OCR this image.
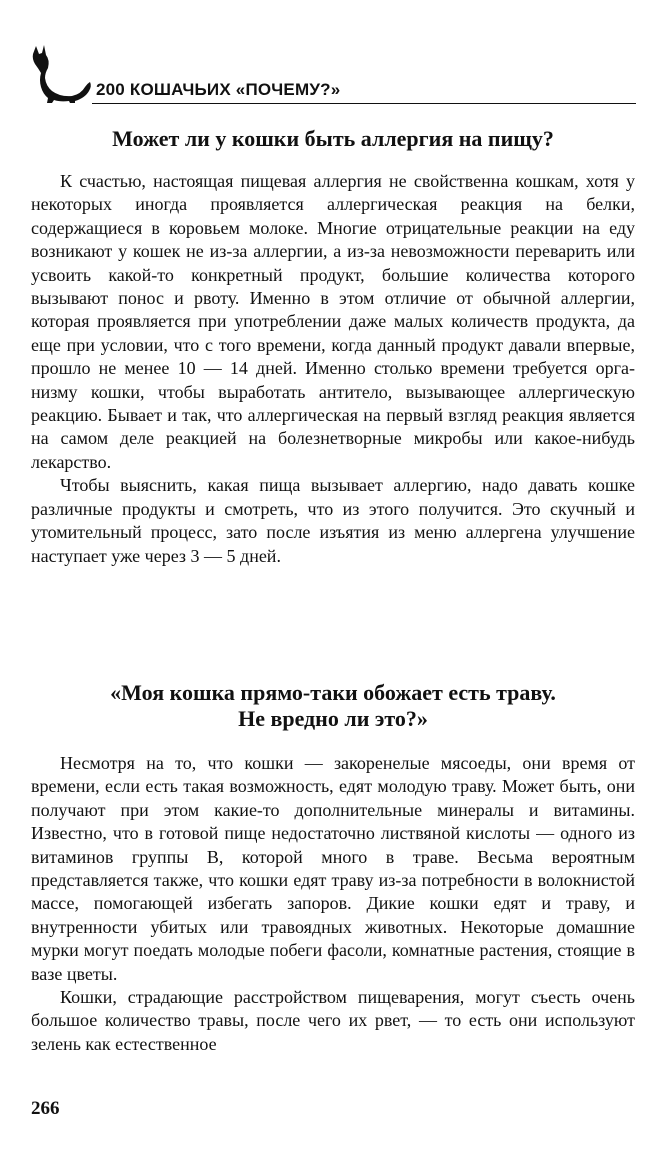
200 КОШАЧЬИХ «ПОЧЕМУ?»
Может ли у кошки быть аллергия на пищу?

К счастью, настоящая пищевая аллергия не свойственна кошкам, хотя у некоторых иногда проявляется аллергическая реакция на белки, содержащиеся в коровьем молоке. Многие отрицательные реакции на еду возникают у кошек не из-за аллергии, а из-за невозможности переварить или усвоить какой-то конкретный продукт, большие количества которого вызывают понос и рвоту. Именно в этом отличие от обычной аллергии, которая проявляется при употреблении даже малых количеств продукта, да еще при условии, что с того времени, когда данный продукт давали впервые, прошло не менее 10 — 14 дней. Именно столько времени требуется организму кошки, чтобы выработать антитело, вызывающее аллергическую реакцию. Бывает и так, что аллергическая на первый взгляд реакция является на самом деле реакцией на болезнетворные микробы или какое-нибудь лекарство.

Чтобы выяснить, какая пища вызывает аллергию, надо давать кошке различные продукты и смотреть, что из этого получится. Это скучный и утомительный процесс, зато после изъятия из меню аллергена улучшение наступает уже через 3 — 5 дней.

«Моя кошка прямо-таки обожает есть траву.
Не вредно ли это?»

Несмотря на то, что кошки — закоренелые мясоеды, они время от времени, если есть такая возможность, едят молодую траву. Может быть, они получают при этом какие-то дополнительные минералы и витамины. Известно, что в готовой пище недостаточно листвяной кислоты — одного из витаминов группы В, которой много в траве. Весьма вероятным представляется также, что кошки едят траву из-за потребности в волокнистой массе, помогающей избегать запоров. Дикие кошки едят и траву, и внутренности убитых или травоядных животных. Некоторые домашние мурки могут поедать молодые побеги фасоли, комнатные растения, стоящие в вазе цветы.

Кошки, страдающие расстройством пищеварения, могут съесть очень большое количество травы, после чего их рвет, — то есть они используют зелень как естественное

266
